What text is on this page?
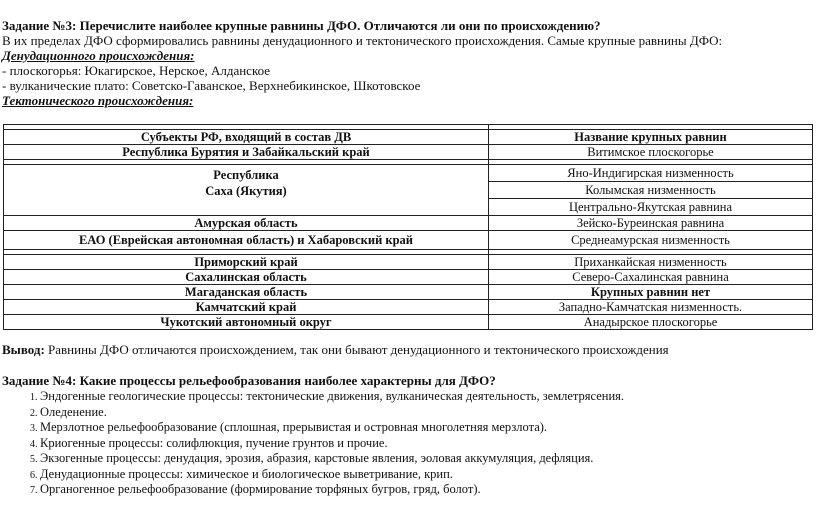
Задание №3: Перечислите наиболее крупные равнины ДФО. Отличаются ли они по происхождению?
В их пределах ДФО сформировались равнины денудационного и тектонического происхождения. Самые крупные равнины ДФО:
Денудационного происхождения:
- плоскогорья: Юкагирское, Нерское, Алданское
- вулканические плато: Советско-Гаванское, Верхнебикинское, Шкотовское
Тектонического происхождения:

Субъекты РФ, входящий в состав ДВ	Название крупных равнин
Республика Бурятия и Забайкальский край	Витимское плоскогорье

Республика
Саха (Якутия)	Яно-Индигирская низменность
	Колымская низменность
	Центрально-Якутская равнина
Амурская область	Зейско-Буреинская равнина
ЕАО (Еврейская автономная область) и Хабаровский край	Среднеамурская низменность

Приморский край	Приханкайская низменность
Сахалинская область	Северо-Сахалинская равнина
Магаданская область	Крупных равнин нет
Камчатский край	Западно-Камчатская низменность.
Чукотский автономный округ	Анадырское плоскогорье
Вывод: Равнины ДФО отличаются происхождением, так они бывают денудационного и тектонического происхождения
Задание №4: Какие процессы рельефообразования наиболее характерны для ДФО?
1. Эндогенные геологические процессы: тектонические движения, вулканическая деятельность, землетрясения.
2. Оледенение.
3. Мерзлотное рельефообразование (сплошная, прерывистая и островная многолетняя мерзлота).
4. Криогенные процессы: солифлюкция, пучение грунтов и прочие.
5. Экзогенные процессы: денудация, эрозия, абразия, карстовые явления, эоловая аккумуляция, дефляция.
6. Денудационные процессы: химическое и биологическое выветривание, крип.
7. Органогенное рельефообразование (формирование торфяных бугров, гряд, болот).
